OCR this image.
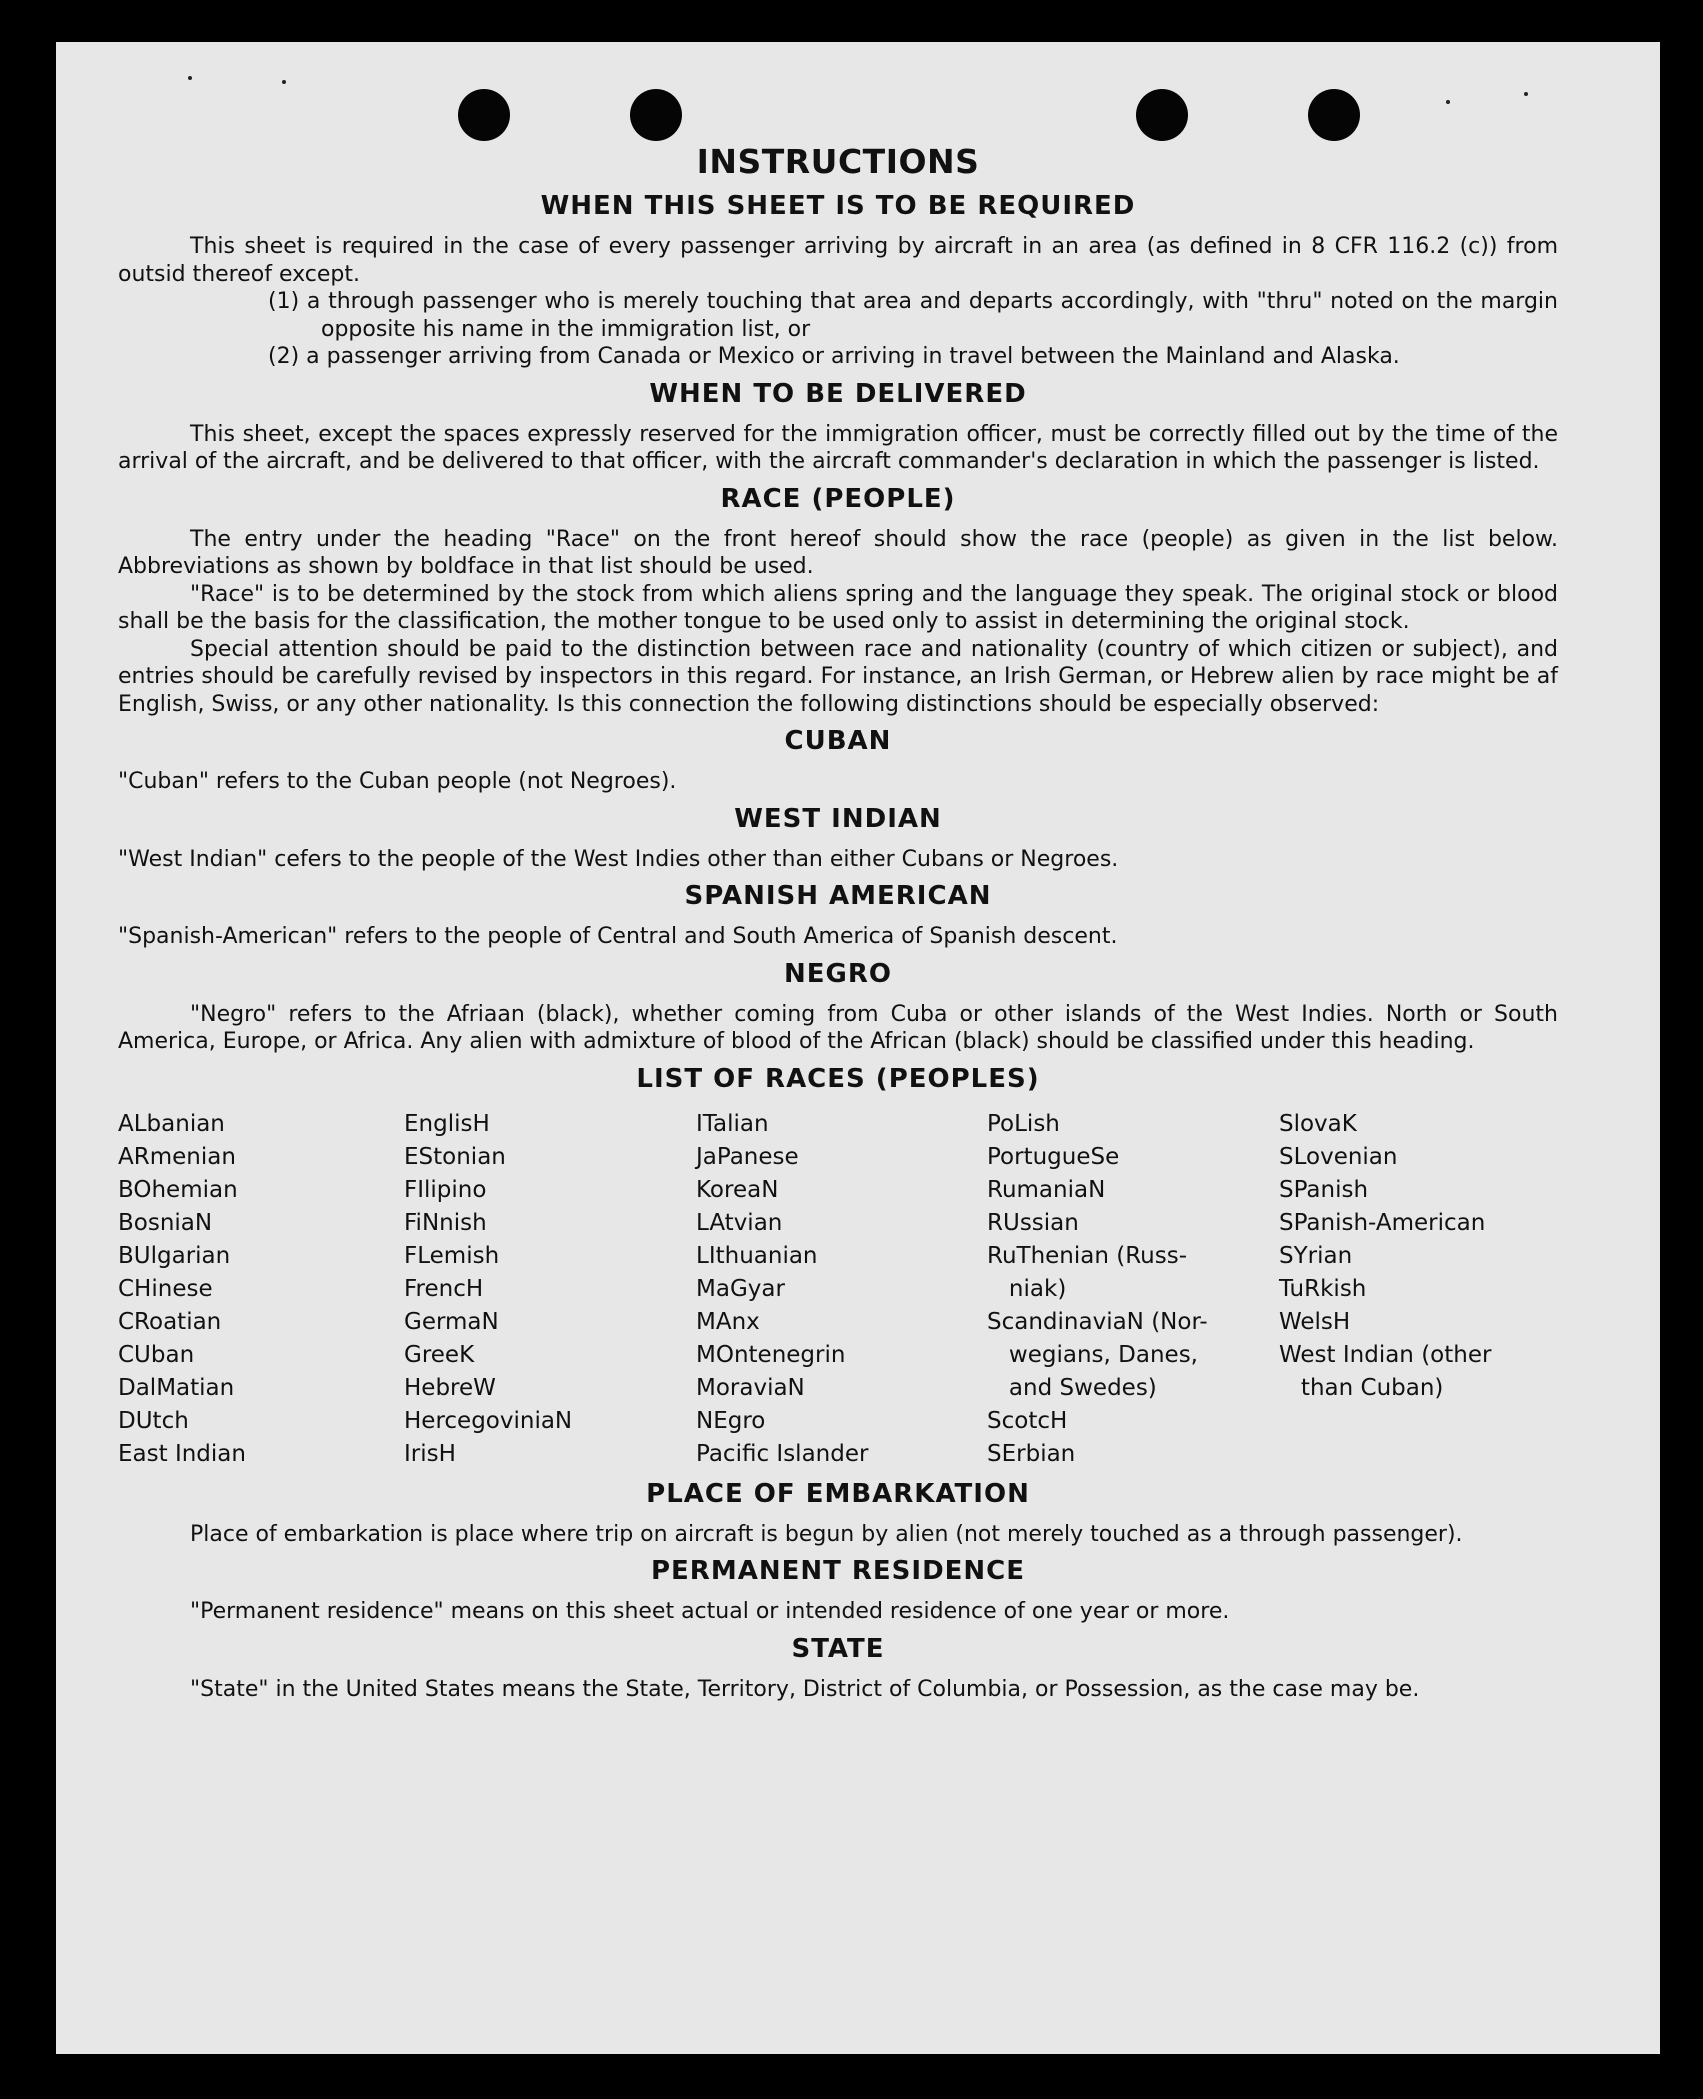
INSTRUCTIONS
WHEN THIS SHEET IS TO BE REQUIRED

This sheet is required in the case of every passenger arriving by aircraft in an area (as defined in 8 CFR 116.2 (c)) from outsid thereof except.

(1) a through passenger who is merely touching that area and departs accordingly, with "thru" noted on the margin opposite his name in the immigration list, or

(2) a passenger arriving from Canada or Mexico or arriving in travel between the Mainland and Alaska.

WHEN TO BE DELIVERED

This sheet, except the spaces expressly reserved for the immigration officer, must be correctly filled out by the time of the arrival of the aircraft, and be delivered to that officer, with the aircraft commander's declaration in which the passenger is listed.

RACE (PEOPLE)

The entry under the heading "Race" on the front hereof should show the race (people) as given in the list below. Abbreviations as shown by boldface in that list should be used.

"Race" is to be determined by the stock from which aliens spring and the language they speak. The original stock or blood shall be the basis for the classification, the mother tongue to be used only to assist in determining the original stock.

Special attention should be paid to the distinction between race and nationality (country of which citizen or subject), and entries should be carefully revised by inspectors in this regard. For instance, an Irish German, or Hebrew alien by race might be af English, Swiss, or any other nationality. Is this connection the following distinctions should be especially observed:

CUBAN

"Cuban" refers to the Cuban people (not Negroes).

WEST INDIAN

"West Indian" cefers to the people of the West Indies other than either Cubans or Negroes.

SPANISH AMERICAN

"Spanish-American" refers to the people of Central and South America of Spanish descent.

NEGRO

"Negro" refers to the Afriaan (black), whether coming from Cuba or other islands of the West Indies. North or South America, Europe, or Africa. Any alien with admixture of blood of the African (black) should be classified under this heading.

LIST OF RACES (PEOPLES)
ALbanian
ARmenian
BOhemian
BosniaN
BUlgarian
CHinese
CRoatian
CUban
DalMatian
DUtch
East Indian
EnglisH
EStonian
FIlipino
FiNnish
FLemish
FrencH
GermaN
GreeK
HebreW
HercegoviniaN
IrisH
ITalian
JaPanese
KoreaN
LAtvian
LIthuanian
MaGyar
MAnx
MOntenegrin
MoraviaN
NEgro
Pacific Islander
PoLish
PortugueSe
RumaniaN
RUssian
RuThenian (Russ-
niak)
ScandinaviaN (Nor-
wegians, Danes,
and Swedes)
ScotcH
SErbian
SlovaK
SLovenian
SPanish
SPanish-American
SYrian
TuRkish
WelsH
West Indian (other
than Cuban)
PLACE OF EMBARKATION

Place of embarkation is place where trip on aircraft is begun by alien (not merely touched as a through passenger).

PERMANENT RESIDENCE

"Permanent residence" means on this sheet actual or intended residence of one year or more.

STATE

"State" in the United States means the State, Territory, District of Columbia, or Possession, as the case may be.
